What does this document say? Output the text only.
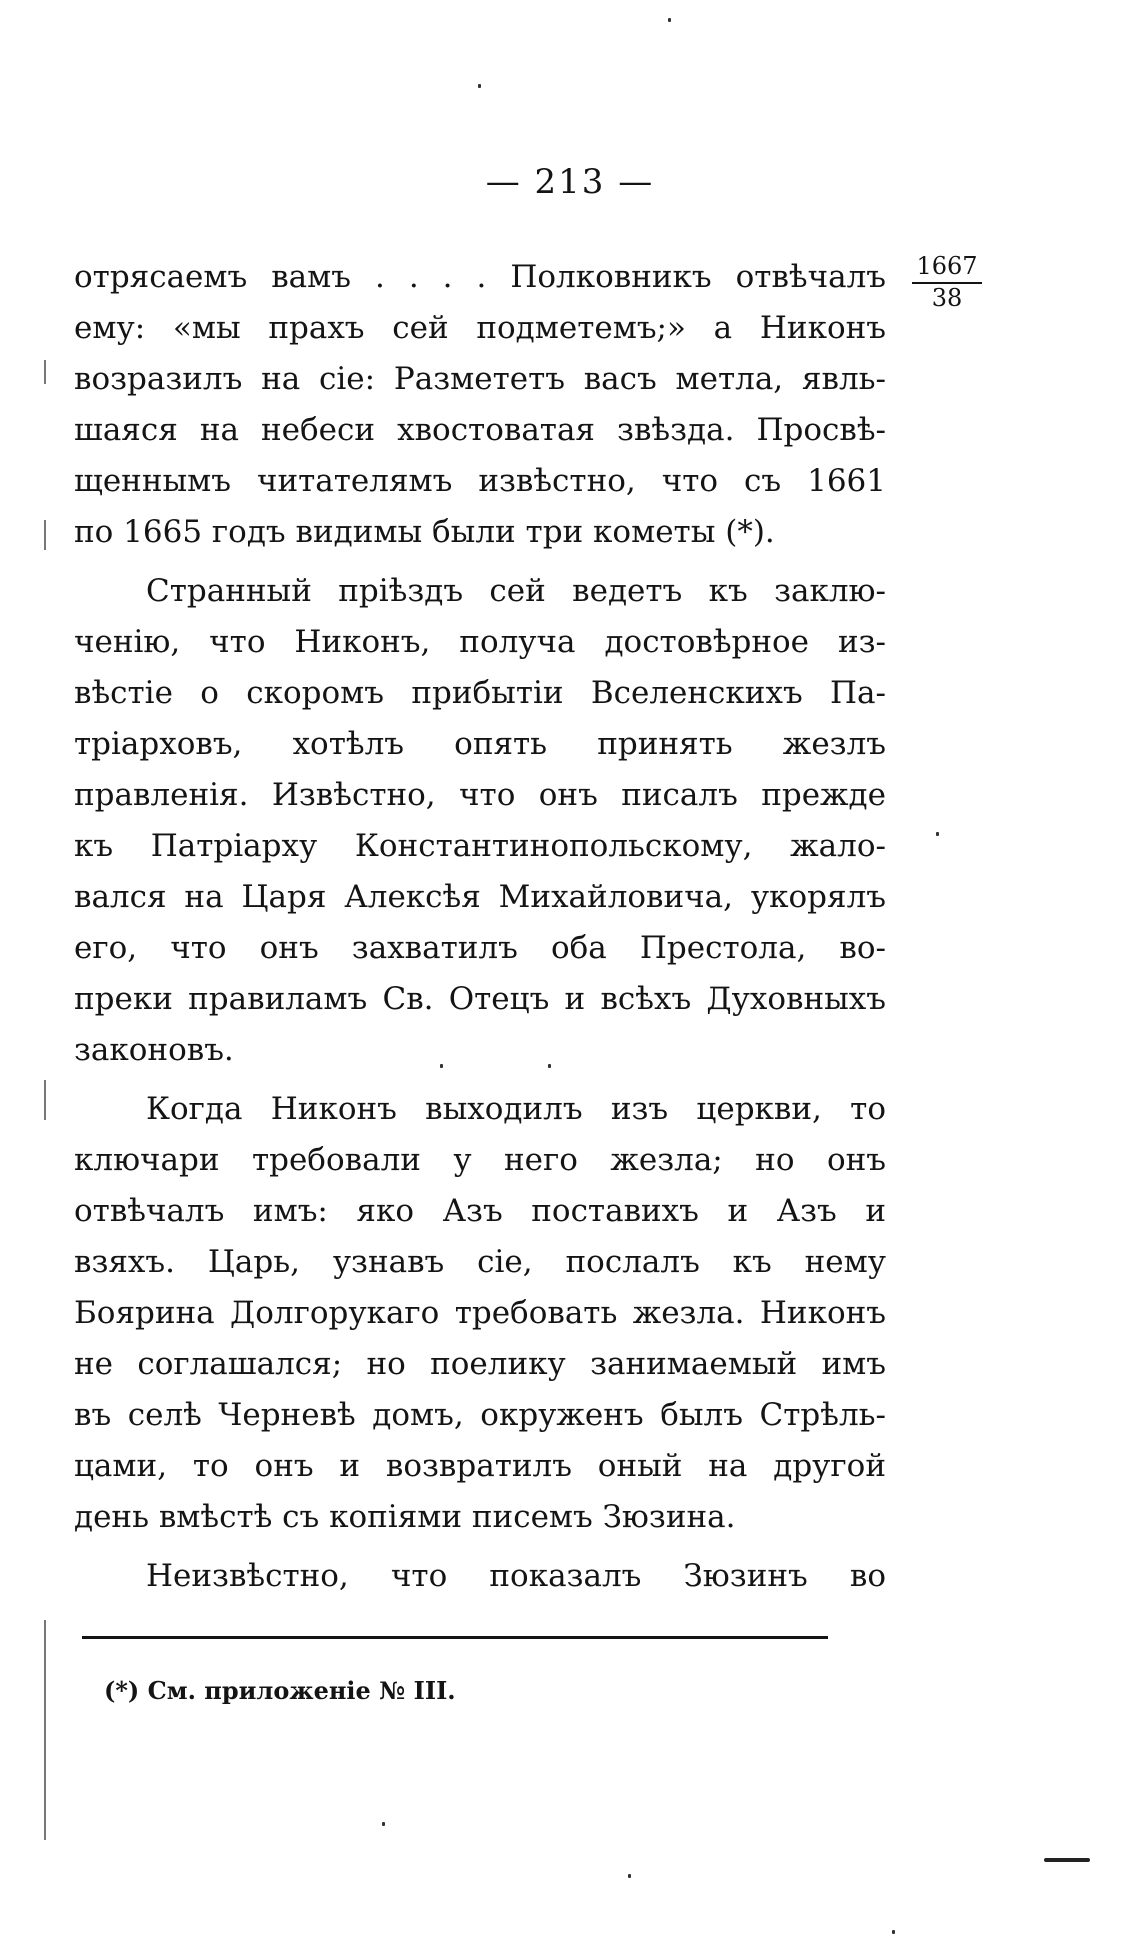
— 213 —
1667
38
отрясаемъ вамъ . . . . Полковникъ отвѣчалъ
ему: «мы прахъ сей подметемъ;» а Никонъ
возразилъ на сіе: Размететъ васъ метла, явль-
шаяся на небеси хвостоватая звѣзда. Просвѣ-
щеннымъ читателямъ извѣстно, что съ 1661
по 1665 годъ видимы были три кометы (*).
Странный пріѣздъ сей ведетъ къ заклю-
ченію, что Никонъ, получа достовѣрное из-
вѣстіе о скоромъ прибытіи Вселенскихъ Па-
тріарховъ, хотѣлъ опять принять жезлъ
правленія. Извѣстно, что онъ писалъ прежде
къ Патріарху Константинопольскому, жало-
вался на Царя Алексѣя Михайловича, укорялъ
его, что онъ захватилъ оба Престола, во-
преки правиламъ Св. Отецъ и всѣхъ Духовныхъ
законовъ.
Когда Никонъ выходилъ изъ церкви, то
ключари требовали у него жезла; но онъ
отвѣчалъ имъ: яко Азъ поставихъ и Азъ и
взяхъ. Царь, узнавъ сіе, послалъ къ нему
Боярина Долгорукаго требовать жезла. Никонъ
не соглашался; но поелику занимаемый имъ
въ селѣ Черневѣ домъ, окруженъ былъ Стрѣль-
цами, то онъ и возвратилъ оный на другой
день вмѣстѣ съ копіями писемъ Зюзина.
Неизвѣстно, что показалъ Зюзинъ во
(*) См. приложеніе № III.
